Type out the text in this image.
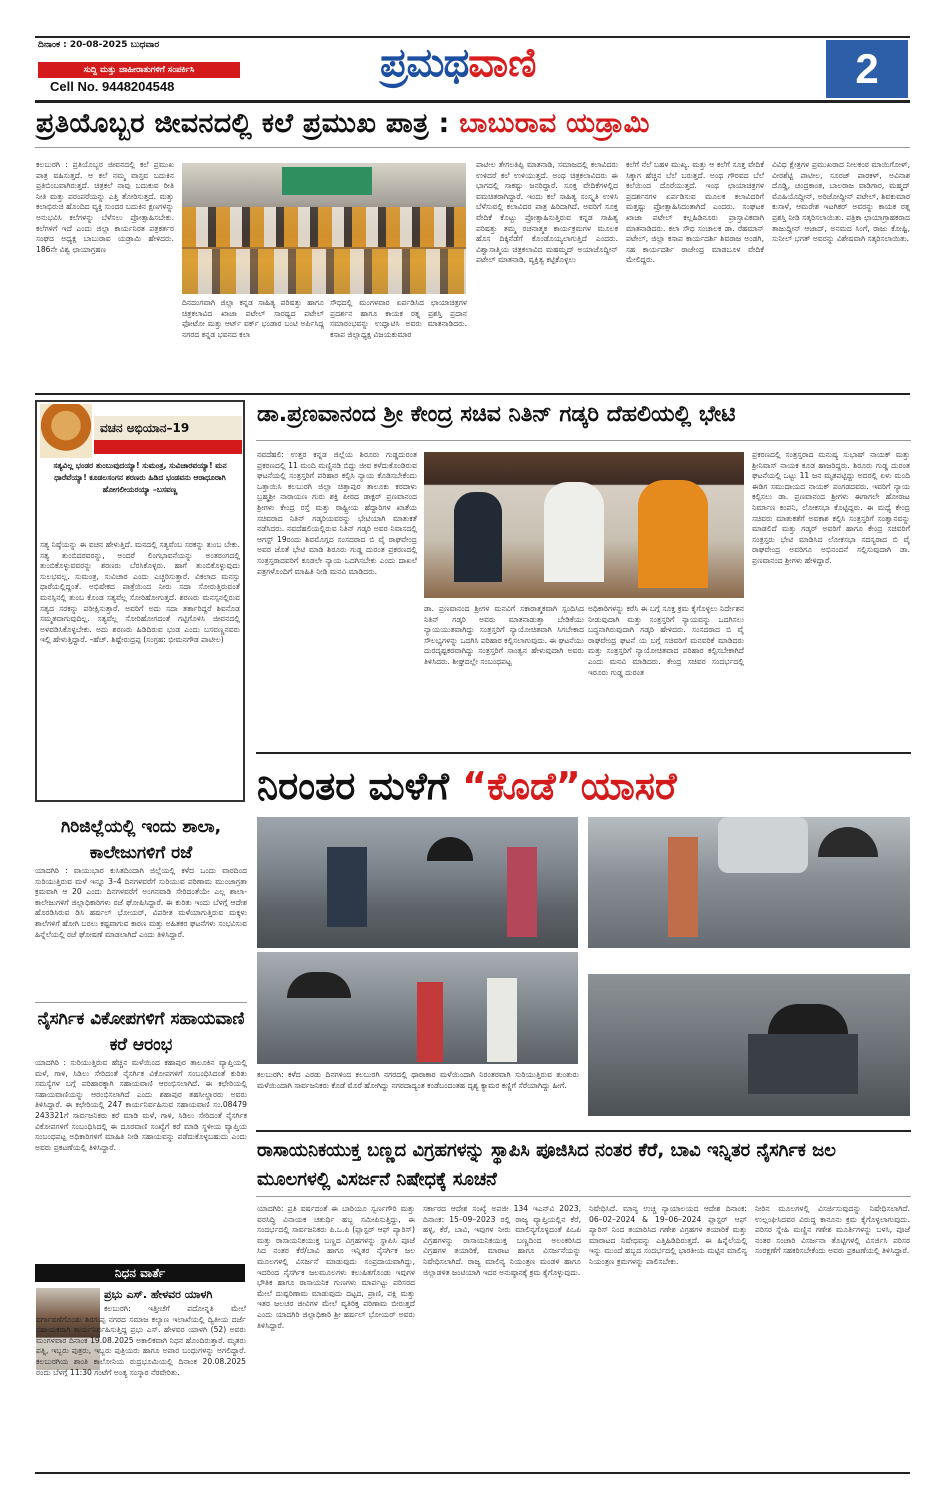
ದಿನಾಂಕ : 20-08-2025 ಬುಧವಾರ
ಸುದ್ದಿ ಮತ್ತು ಜಾಹೀರಾತುಗಳಿಗೆ ಸಂಪರ್ಕಿಸಿ
Cell No. 9448204548
ಪ್ರಮಥವಾಣಿ	2
ಪ್ರತಿಯೊಬ್ಬರ ಜೀವನದಲ್ಲಿ ಕಲೆ ಪ್ರಮುಖ ಪಾತ್ರ : ಬಾಬುರಾವ ಯಡ್ರಾಮಿ
ಕಲಬುರಗಿ : ಪ್ರತಿಯೊಬ್ಬರ ಜೀವನದಲ್ಲಿ ಕಲೆ ಪ್ರಮುಖ ಪಾತ್ರ ವಹಿಸುತ್ತದೆ. ಆ ಕಲೆ ನಮ್ಮ ವಾಸ್ತವ ಬದುಕಿನ ಪ್ರತಿಬಿಂಬವಾಗಿರುತ್ತದೆ. ಚಿತ್ರಕಲೆ ನಾವು ಬದುಕುವ ರೀತಿ ನೀತಿ ಮತ್ತು ಪರಂಪರೆಯನ್ನು ಎತ್ತಿ ತೋರಿಸುತ್ತದೆ. ಮತ್ತು ಕಲಾಭಿರುಚಿ ಹೊಂದಿದ ವ್ಯಕ್ತಿ ಸುಂದರ ಬದುಕಿನ ಕ್ಷಣಗಳನ್ನು ಅನುಭವಿಸಿ ಕಲೆಗಳನ್ನು ಬೆಳೆಸಲು ಪ್ರೋತ್ಸಾಹಿಸಬೇಕು. ಕಲೆಗಳಿಗೆ ಇದೆ ಎಂದು ಜಿಲ್ಲಾ ಕಾರ್ಯನಿರತ ಪತ್ರಕರ್ತರ ಸಂಘದ ಅಧ್ಯಕ್ಷ ಬಾಬುರಾವ ಯಡ್ರಾಮಿ ಹೇಳಿದರು. 186ನೇ ವಿಶ್ವ ಛಾಯಾಗ್ರಹಣ
ದಿನದಂಗವಾಗಿ ಜಿಲ್ಲಾ ಕನ್ನಡ ಸಾಹಿತ್ಯ ಪರಿಷತ್ತು ಹಾಗೂ ಚಿತ್ರಕಲಾವಿದ ಖಾಜಾ ಪಟೇಲ್ ಸಾರಥ್ಯದ ಪಟೇಲ್ ಫೋಟೋ ಮತ್ತು ಆರ್ಟ್ ವರ್ಕ್ ಭಂಡಾರ ಬಂಟಿ ಅರ್ಪಿಸಿದ್ದ ನಗರದ ಕನ್ನಡ ಭವನದ ಕಲಾ
ಸೌಧದಲ್ಲಿ ಮಂಗಳವಾರ ಏರ್ಪಡಿಸಿದ ಛಾಯಾಚಿತ್ರಗಳ ಪ್ರದರ್ಶನ ಹಾಗೂ ಕಾಯಕ ರತ್ನ ಪ್ರಶಸ್ತಿ ಪ್ರದಾನ ಸಮಾರಂಭವನ್ನು ಉದ್ಘಾಟಿಸಿ ಅವರು ಮಾತನಾಡಿದರು. ಕಸಾಪ ಜಿಲ್ಲಾಧ್ಯಕ್ಷ ವಿಜಯಕುಮಾರ
ಪಾಟೀಲ ತೇಗಲತಿಪ್ಪಿ ಮಾತನಾಡಿ, ಸಮಾಜದಲ್ಲಿ ಕಲಾವಿದರು ಉಳಿದರೆ ಕಲೆ ಉಳಿಯುತ್ತದೆ. ಅಂಥ ಚಿತ್ರಕಲಾವಿದರು ಈ ಭಾಗದಲ್ಲಿ ಸಾಕಷ್ಟು ಜನರಿದ್ದಾರೆ. ಸೂಕ್ತ ವೇದಿಕೆಗಳಲ್ಲಿದ ವಮಚಿತರಾಗಿದ್ದಾರೆ. ಇಂದು ಕಲೆ ಸಾಹಿತ್ಯ ಸಂಸ್ಕೃತಿ ಉಳಿಸಿ ಬೆಳೆಸುವಲ್ಲಿ ಕಲಾವಿದರ ಪಾತ್ರ ಹಿರಿದಾಗಿದೆ. ಅವರಿಗೆ ಸೂಕ್ತ ವೇದಿಕೆ ಕೊಟ್ಟು ಪ್ರೋತ್ಸಾಹಿಸುತ್ತಿರುವ ಕನ್ನಡ ಸಾಹಿತ್ಯ ಪರಿಷತ್ತು ತಮ್ಮ ರಚನಾತ್ಮಕ ಕಾರ್ಯಕ್ರಮಗಳ ಮೂಲಕ ಹೊಸ ದಿಕ್ಕಿನೆಡೆಗೆ ಕೊಂಡೊಯ್ಯಲಾಗುತ್ತಿದೆ ಎಂದರು. ವಿಶ್ವಾಸಾತ್ಮಿಯ ಚಿತ್ರಕಲಾವಿದ ಮಹಮ್ಮದ್ ಅಯಾಜೊದ್ದೀನ್ ಪಟೇಲ್ ಮಾತನಾಡಿ, ವ್ಯಕ್ತಿತ್ವ ಕಟ್ಟಿಕೊಳ್ಳಲು
ಕಲೆಗೆ ನೆಲೆ ಬಹಳ ಮುಖ್ಯ. ಮತ್ತು ಆ ಕಲೆಗೆ ಸೂಕ್ತ ವೇದಿಕೆ ಸಿಕ್ಕಾಗ ಹೆಚ್ಚಿನ ಬೆಲೆ ಬರುತ್ತದೆ. ಅಂಥ ಗೌರವದ ಬೆಲೆ ಕಲೆಯಿಂದ ದೊರೆಯುತ್ತದೆ. ಇಂಥ ಛಾಯಾಚಿತ್ರಗಳ ಪ್ರದರ್ಶನಗಳ ಏರ್ಪಡಿಸುವ ಮೂಲಕ ಕಲಾವಿದರಿಗೆ ಮತ್ತಷ್ಟು ಪ್ರೋತ್ಸಾಹಿಸಿದಂತಾಗಿದೆ ಎಂದರು. ಸಂಘಟಕ ಖಾಜಾ ಪಟೇಲ್ ಕಲ್ಲಹಿಡಿನೂರು ಪ್ರಾಸ್ತಾವಿಕವಾಗಿ ಮಾತನಾಡಿದರು. ಕಲಾ ಸೌಧ ಸಂಚಾಲಕ ಡಾ. ರೆಹಮಾನ್ ಪಟೇಲ್, ಜಿಲ್ಲಾ ಕಸಾಪ ಕಾರ್ಯದರ್ಶಿ ಶಿವರಾಜ ಅಂಡಗಿ, ಸಹ ಕಾರ್ಯದರ್ಶಿ ರಾಜೇಂದ್ರ ಮಾಡಬೂಳ ವೇದಿಕೆ ಮೇಲಿದ್ದರು.
ವಿವಿಧ ಕ್ಷೇತ್ರಗಳ ಪ್ರಮುಖರಾದ ನೀಲಕಂಠ ಮಾಯಿಗೋಳ್, ವೀರಶೆಟ್ಟಿ ಪಾಟೀಲ, ಸೂರಜ್ ಪಾರಕಳ್, ಅವಿನಾಶ ದೊಡ್ಡಿ, ಚಂದ್ರಕಾಂತ, ಬಾಲರಾಜ ವಾಡಿಗಾರ, ಮಹ್ಮದ್ ಮೊಹಿಯೊದ್ದೀನ್, ಅರಿಜೋದ್ದೀನ್ ಪಟೇಲ್, ಶಿವಕುಮಾರ ಕುಸಾಳೆ, ಆಮರೇಶ ಇಟಗಿಕರ್ ಅವರನ್ನು ಕಾಯಕ ರತ್ನ ಪ್ರಶಸ್ತಿ ನೀಡಿ ಸತ್ಕರಿಸಲಾಯಿತು. ಪತ್ರಿಕಾ ಛಾಯಾಗ್ರಾಹಕರಾದ ತಾಜುದ್ದೀನ್ ಆಜಾದ್, ಅನಮದ ಸಿಂಗೆ, ರಾಜು ಕೋಷ್ಟಿ, ಸುನೀಲ್ ಭಗತ್ ಅವರನ್ನು ವಿಶೇಷವಾಗಿ ಸತ್ಕರಿಸಲಾಯಿತು.
ವಚನ ಅಭಿಯಾನ–19
ಸತ್ಯವಿಲ್ಲ ಭಂಡರ ತುಂಬುವುದಯ್ಯಾ! ಸುಮಂತ್ರ, ಸುವಿಚಾರವಯ್ಯಾ! ಮನ ಧಾರೆವೆಯ್ಯಾ! ಕೂಡಲಸಂಗನ ಶರಣರು ಹಿಡಿದ ಭಂಡವನು ಆರಾಧೂರಾಗಿ ಹೋಗಲೀಯರಯ್ಯಾ –ಬಸವಣ್ಣ
ಸತ್ಯ ನಿಷ್ಠೆಯನ್ನು ಈ ವಚನ ಹೇಳುತ್ತಿದೆ. ಮನದಲ್ಲಿ ಸತ್ಯವೆಂಬ ಸರಕನ್ನು ತುಂಬ ಬೇಕು. ಸತ್ಯ ತುಂಬಿದರವರನ್ನು, ಅಂದರೆ ಲಿಂಗಭಾವನೆಯನ್ನು ಅಂತರಂಗದಲ್ಲಿ ತುಂಬಿಕೊಳ್ಳುವವರನ್ನು ಶರಣರು ಬೆರಸಿಕೊಳ್ಳರು. ಹಾಗೆ ತುಂಬಿಕೊಳ್ಳುವುದು ಸುಲಭವಲ್ಲ. ಸುಮಂತ್ರ, ಸುವಿಚಾರ ಎಂದು ಎಚ್ಚರಿಸುತ್ತಾರೆ. ವಿಕಲಾದ ಮನಸ್ಸು ಧಾರೆಯಲ್ಲಿದ್ದಂತೆ. ಅಭಿಷೇಕದ ಪಾತ್ರೆಯಿಂದ ನೀರು ಸದಾ ಸೋರುತ್ತಿರುವಂತೆ ಮನಸ್ಸಿನಲ್ಲಿ ತುಂಬ ಕೊಂಡ ಸತ್ಯವೆಲ್ಲ ಸೋರಿಹೋಗುತ್ತದೆ. ಶರಣರು ಮನಸ್ಸನಲ್ಲಿರುವ ಸತ್ಯದ ಸರಕನ್ನು ಪರೀಕ್ಷಿಸುತ್ತಾರೆ. ಅವರಿಗೆ ಅದು ಸದಾ ತರ್ತಾರಿದ್ದರೆ ಶಿವನೊಡ ಸಮ್ಮತವಾಗುವುದಿಲ್ಲ. ಸತ್ಯವೆಲ್ಲ ಸೋರಿಹೋಗದಂತೆ ಗಟ್ಟಿಗೊಳಿಸಿ ಜೀವನದಲ್ಲಿ ಅಳವಡಿಸಿಕೊಳ್ಳಬೇಕು. ಅದು ಶರಣರು ಹಿಡಿದಿರುವ ಭಂಡ ಎಂದು ಬಸವಣ್ಣನವರು ಇಲ್ಲಿ ಹೇಳುತ್ತಿದ್ದಾರೆ. –ಹೆಚ್. ಶಿಷ್ಟೇರುದ್ರಪ್ಪ (ಸಂಗ್ರಹ: ಭೀಮನಗೌಡ ಪಾಟೀಲ)
ಗಿರಿಜಿಲ್ಲೆಯಲ್ಲಿ ಇಂದು ಶಾಲಾ, ಕಾಲೇಜುಗಳಿಗೆ ರಜೆ
ಯಾದಗಿರಿ : ವಾಯುಭಾರ ಕುಸಿತದಿಂದಾಗಿ ಜಿಲ್ಲೆಯಲ್ಲಿ ಕಳೆದ ಒಂದು ವಾರದಿಂದ ಸುರಿಯುತ್ತಿರುವ ಮಳೆ ಇನ್ನೂ 3–4 ದಿನಗಳವರೆಗೆ ಸುರಿಯುವ ಪರಿಣಾಮ ಮುಂಜಾಗ್ರತಾ ಕ್ರಮವಾಗಿ ಆ 20 ಎಂದು ದಿನಗಳವರೆಗೆ ಅಂಗನವಾಡಿ ಸೇರಿದಂತೆಯೇ ಎಲ್ಲ ಶಾಲಾ-ಕಾಲೇಜುಗಳಿಗೆ ಜಿಲ್ಲಾಧಿಕಾರಿಗಳು ರಜೆ ಘೋಷಿಸಿದ್ದಾರೆ. ಈ ಕುರಿತು ಇಂದು ಬೆಳಗ್ಗೆ ಆದೇಶ ಹೊರಡಿಸಿರುವ ಡಿಸಿ ಹರ್ಷಲ್ ಭೋಯರ್, ವಿಪರೀತ ಮಳೆಯಾಗುತ್ತಿರುವ ಮಕ್ಕಳು ಶಾಲೆಗಳಿಗೆ ಹೋಗಿ ಬರಲು ಕಷ್ಟವಾಗುವ ಕಾರಣ ಮತ್ತು ಅಹಿತಕರ ಘಟನೆಗಳು ಸಂಭವಿಸುವ ಹಿನ್ನೆಲೆಯಲ್ಲಿ ರಜೆ ಘೋಷಣೆ ಮಾಡಲಾಗಿದೆ ಎಂದು ತಿಳಿಸಿದ್ದಾರೆ.
ನೈಸರ್ಗಿಕ ವಿಕೋಪಗಳಿಗೆ ಸಹಾಯವಾಣಿ ಕರೆ ಆರಂಭ
ಯಾದಗಿರಿ : ಸುರಿಯುತ್ತಿರುವ ಹೆಚ್ಚಿನ ಮಳೆಯಿಂದ ಕಹಾಪುರ ತಾಲೂಕಿನ ವ್ಯಾಪ್ತಿಯಲ್ಲಿ ಮಳೆ, ಗಾಳಿ, ಸಿಡಿಲು ಸೇರಿದಂತೆ ನೈಸರ್ಗಿಕ ವಿಕೋಪಗಳಿಗೆ ಸಂಬಂಧಿಸಿದಂತೆ ಕುರಿತು ಸಮಸ್ಯೆಗಳ ಬಗ್ಗೆ ಪರಿಹಾರಕ್ಕಾಗಿ ಸಹಾಯವಾಣಿ ಆರಂಭಿಸಲಾಗಿದೆ. ಈ ಕಛೇರಿಯಲ್ಲಿ ಸಹಾಯವಾಣಿಯನ್ನು ಆರಂಭಿಸಲಾಗಿದೆ ಎಂದು ಶಹಾಪುರ ತಹಸೀಲ್ದಾರರು ಅವರು ತಿಳಿಸಿದ್ದಾರೆ. ಈ ಕಛೇರಿಯಲ್ಲಿ 247 ಕಾರ್ಯನಿರ್ವಹಿಸುವ ಸಹಾಯವಾಣಿ ಸಂ.08479 243321ಗೆ ಸಾರ್ವಜನಿಕರು ಕರೆ ಮಾಡಿ ಮಳೆ, ಗಾಳಿ, ಸಿಡಿಲು ಸೇರಿದಂತೆ ನೈಸರ್ಗಿಕ ವಿಕೋಪಗಳಿಗೆ ಸಂಬಂಧಿಸಿದಲ್ಲಿ ಈ ದೂರವಾಣಿ ಸಂಖ್ಯೆಗೆ ಕರೆ ಮಾಡಿ ಸ್ಥಳೀಯ ವ್ಯಾಪ್ತಿಯ ಸಂಬಂಧಪಟ್ಟ ಅಧಿಕಾರಿಗಳಿಗೆ ಮಾಹಿತಿ ನೀಡಿ ಸಹಾಯವನ್ನು ಪಡೆದುಕೊಳ್ಳಬಹುದು ಎಂದು ಅವರು ಪ್ರಕಟಣೆಯಲ್ಲಿ ತಿಳಿಸಿದ್ದಾರೆ.
ನಿಧನ ವಾರ್ತೆ
ಪ್ರಭು ಎಸ್. ಹೇಳವರ ಯಾಳಗಿ
ಕಲಬುರಗಿ: ಇತ್ತೀಚೆಗೆ ಪದೋನ್ನತಿ ಮೇಲೆ ವರ್ಗಾವಣೆಗೊಂಡು ಶಿರಗುಪ್ಪ ನಗರದ ಸಮಾಜ ಕಲ್ಯಾಣ ಇಲಾಖೆಯಲ್ಲಿ ದ್ವಿತೀಯ ದರ್ಜೆ ಸಹಾಯಕರಾಗಿ ಕಾರ್ಯನಿರ್ವಹಿಸುತ್ತಿದ್ದ ಪ್ರಭು ಎಸ್. ಹೇಳವರ ಯಾಳಗಿ (52) ಅವರು ಮಂಗಳವಾರ ದಿನಾಂಕ 19.08.2025 ಅಕಾಲಿಕವಾಗಿ ನಿಧನ ಹೊಂದಿರುತ್ತಾರೆ. ಮೃತರು ಪತ್ನಿ, ಇಬ್ಬರು ಪುತ್ರರು, ಇಬ್ಬರು ಪುತ್ರಿಯರು ಹಾಗೂ ಅಪಾರ ಬಂಧುಗಳನ್ನು ಅಗಲಿದ್ದಾರೆ. ಕಲಬುರಗಿಯ ಶಾಂತಿ ಕಾಲೋನಿಯ ರುದ್ರಭೂಮಿಯಲ್ಲಿ ದಿನಾಂಕ 20.08.2025 ರಂದು ಬೆಳಗ್ಗೆ 11:30 ಗಂಟೆಗೆ ಅಂತ್ಯ ಸಂಸ್ಕಾರ ನೆರವೇರಿತು.
ಡಾ.ಪ್ರಣವಾನಂದ ಶ್ರೀ ಕೇಂದ್ರ ಸಚಿವ ನಿತಿನ್ ಗಡ್ಕರಿ ದೆಹಲಿಯಲ್ಲಿ ಭೇಟಿ
ನವದೆಹಲಿ: ಉತ್ತರ ಕನ್ನಡ ಜಿಲ್ಲೆಯ ಶಿರೂರು ಗುಡ್ಡದುರಂತ ಪ್ರಕರಣದಲ್ಲಿ 11 ಮಂದಿ ಮಣ್ಣಿನಡಿ ಬಿದ್ದು ಜೀವ ಕಳೆದುಕೊಂಡಿರುವ ಘಟನೆಯಲ್ಲಿ ಸಂತ್ರಸ್ತರಿಗೆ ಪರಿಹಾರ ಕಲ್ಪಿಸಿ ನ್ಯಾಯ ಕೊಡಿಸಬೇಕೆಂದು ಒತ್ತಾಯಿಸಿ ಕಲಬುರಗಿ ಜಿಲ್ಲಾ ಚಿತ್ತಾಪುರ ತಾಲೂಕು ಕರದಾಳು ಬ್ರಹ್ಮಶ್ರೀ ನಾರಾಯಣ ಗುರು ಶಕ್ತಿ ಪೀಠದ ಡಾಕ್ಟರ್ ಪ್ರಣವಾನಂದ ಶ್ರೀಗಳು ಕೇಂದ್ರ ರಸ್ತೆ ಮತ್ತು ರಾಷ್ಟ್ರೀಯ ಹೆದ್ದಾರಿಗಳ ಖಾತೆಯ ಸಚಿವರಾದ ನಿತಿನ್ ಗಡ್ಕರಿಯವರನ್ನು ಭೇಟಿಯಾಗಿ ಮಾತುಕತೆ ನಡೆಸಿದರು. ನವದೆಹಲಿಯಲ್ಲಿರುವ ನಿತಿನ್ ಗಡ್ಕರಿ ಅವರ ನಿವಾಸದಲ್ಲಿ ಆಗಸ್ಟ್ 19ರಂದು ಶಿವಮೊಗ್ಗದ ಸಂಸದರಾದ ಬಿ ವೈ ರಾಘವೇಂದ್ರ ಅವರ ಜೊತೆ ಭೇಟಿ ಮಾಡಿ ಶಿರೂರು ಗುಡ್ಡ ದುರಂತ ಪ್ರಕರಣದಲ್ಲಿ ಸಂತ್ರಸ್ತರಾದವರಿಗೆ ಕೂಡಲೇ ನ್ಯಾಯ ಒದಗಿಸಬೇಕು ಎಂದು ದಾಖಲೆ ಪತ್ರಗಳೊಂದಿಗೆ ಮಾಹಿತಿ ನೀಡಿ ಮನವಿ ಮಾಡಿದರು.
ಡಾ. ಪ್ರಣವಾನಂದ ಶ್ರೀಗಳ ಮನವಿಗೆ ಸಕಾರಾತ್ಮಕವಾಗಿ ಸ್ಪಂದಿಸಿದ ನಿತಿನ್ ಗಡ್ಕರಿ ಅವರು ಮಾತನಾಡುತ್ತಾ ಬೇಡಿಕೆಯು ನ್ಯಾಯಯುತವಾಗಿದ್ದು ಸಂತ್ರಸ್ತರಿಗೆ ನ್ಯಾಯೋಚಿತವಾಗಿ ಸಿಗಬೇಕಾದ ಸೌಲಭ್ಯಗಳನ್ನು ಒದಗಿಸಿ ಪರಿಹಾರ ಕಲ್ಪಿಸಲಾಗುವುದು. ಈ ಘಟನೆಯು ದುರದೃಷ್ಟಕರವಾಗಿದ್ದು ಸಂತ್ರಸ್ತರಿಗೆ ಸಾಂತ್ವನ ಹೇಳುವುದಾಗಿ ಅವರು ತಿಳಿಸಿದರು. ಶೀಘ್ರದಲ್ಲೇ ಸಂಬಂಧಪಟ್ಟ
ಅಧಿಕಾರಿಗಳನ್ನು ಕರೆಸಿ ಈ ಬಗ್ಗೆ ಸೂಕ್ತ ಕ್ರಮ ಕೈಗೊಳ್ಳಲು ನಿರ್ದೇಶನ ನೀಡುವುದಾಗಿ ಮತ್ತು ಸಂತ್ರಸ್ತರಿಗೆ ನ್ಯಾಯವನ್ನು ಒದಗಿಸಲು ಬದ್ಧನಾಗಿರುವುದಾಗಿ ಗಡ್ಕರಿ ಹೇಳಿದರು. ಸಂಸದರಾದ ಬಿ ವೈ ರಾಘವೇಂದ್ರ ಘಟನೆ ಯ ಬಗ್ಗೆ ಸಚಿವರಿಗೆ ಮನವರಿಕೆ ಮಾಡಿದರು ಮತ್ತು ಸಂತ್ರಸ್ತರಿಗೆ ನ್ಯಾಯೋಚಿತವಾದ ಪರಿಹಾರ ಕಲ್ಪಿಸಬೇಕಾಗಿದೆ ಎಂದು ಮನವಿ ಮಾಡಿದರು. ಕೇಂದ್ರ ಸಚಿವರ ಸಂದರ್ಭದಲ್ಲಿ ಇರೂರು ಗುಡ್ಡ ದುರಂತ
ಪ್ರಕರಣದಲ್ಲಿ ಸಂತ್ರಸ್ತರಾದ ಮನುಷ್ಯ ಸುಭಾಷ್ ನಾಯಕ್ ಮತ್ತು ಶ್ರೀನಿವಾಸ್ ನಾಯಕ ಕೂಡ ಹಾಜರಿದ್ದರು. ಶಿರೂರು ಗುಡ್ಡ ದುರಂತ ಘಟನೆಯಲ್ಲಿ ಒಟ್ಟು 11 ಜನ ಮೃತಪಟ್ಟಿದ್ದು ಅದರಲ್ಲಿ ಏಳು ಮಂದಿ ಈಡಿಗ ಸಮುದಾಯದ ನಾಯಕ್ ಪಂಗಡದವರು. ಇವರಿಗೆ ನ್ಯಾಯ ಕಲ್ಪಿಸಲು ಡಾ. ಪ್ರಣವಾನಂದ ಶ್ರೀಗಳು ಈಗಾಗಲೇ ಹೋರಾಟ ನಿರ್ಮಾಣ ಕಂಪನಿ, ಲೋಕಸಭಾ ಕೊಟ್ಟಿದ್ದರು. ಈ ಮಧ್ಯೆ ಕೇಂದ್ರ ಸಚಿವರು ಮಾತುಕತೆಗೆ ಅವಕಾಶ ಕಲ್ಪಿಸಿ ಸಂತ್ರಸ್ತರಿಗೆ ಸಂತ್ವಾನವನ್ನು ಮಾಡಲಿದೆ ಮತ್ತು ಗಡ್ಕರ್ ಅವರಿಗೆ ಹಾಗೂ ಕೇಂದ್ರ ಸಚಿವರಿಗೆ ಸಂತ್ರಸ್ತರು ಭೇಟಿ ಮಾಡಿಸಿದ ಲೋಕಸಭಾ ಸದಸ್ಯರಾದ ಬಿ ವೈ ರಾಘವೇಂದ್ರ ಅವರಿಗೂ ಅಭಿನಂದನೆ ಸಲ್ಲಿಸುವುದಾಗಿ ಡಾ. ಪ್ರಣವಾನಂದ ಶ್ರೀಗಳು ಹೇಳಿದ್ದಾರೆ.
ನಿರಂತರ ಮಳೆಗೆ “ಕೊಡೆ”ಯಾಸರೆ
ಕಲಬುರಗಿ: ಕಳೆದ ಎರಡು ದಿನಗಳಿಂದ ಕಲಬುರಗಿ ನಗರದಲ್ಲಿ ಧಾರಾಕಾರ ಮಳೆಯಿಂದಾಗಿ ನಿರಂತರವಾಗಿ ಸುರಿಯುತ್ತಿರುವ ತುಂತುರು ಮಳೆಯಿಂದಾಗಿ ಸಾರ್ವಜನಿಕರು ಕೊಡೆ ಮೊರೆ ಹೋಗಿದ್ದು ನಗರದಾದ್ಯಂತ ಕಂಡೆಬಂದಂತಹ ದೃಶ್ಯ ಕ್ಯಾಮರ ಕಣ್ಣಿಗೆ ಸೆರೆಯಾಗಿದ್ದು ಹೀಗೆ.
ರಾಸಾಯನಿಕಯುಕ್ತ ಬಣ್ಣದ ವಿಗ್ರಹಗಳನ್ನು ಸ್ಥಾಪಿಸಿ ಪೂಜಿಸಿದ ನಂತರ ಕೆರೆ, ಬಾವಿ ಇನ್ನಿತರ ನೈಸರ್ಗಿಕ ಜಲ ಮೂಲಗಳಲ್ಲಿ ವಿಸರ್ಜನೆ ನಿಷೇಧಕ್ಕೆ ಸೂಚನೆ
ಯಾದಗಿರಿ: ಪ್ರತಿ ವರ್ಷದಂತೆ ಈ ಬಾರಿಯೂ ಸ್ವರ್ಣಗೌರಿ ಮತ್ತು ವರಸಿದ್ಧಿ ವಿನಾಯಕ ಚತುರ್ಥಿ ಹಬ್ಬ ಸಮೀಪಿಸುತ್ತಿದ್ದು, ಈ ಸಂದರ್ಭದಲ್ಲಿ ಸಾರ್ವಜನಿಕರು ಪಿ.ಒ.ಪಿ (ಪ್ಲಾಸ್ಟರ್ ಆಫ್ ಪ್ಯಾರಿಸ್) ಮತ್ತು ರಾಸಾಯನಿಕಯುಕ್ತ ಬಣ್ಣದ ವಿಗ್ರಹಗಳನ್ನು ಸ್ಥಾಪಿಸಿ ಪೂಜೆ ಸಿದ ನಂತರ ಕೆರೆ/ಬಾವಿ ಹಾಗೂ ಇನ್ನಿತರ ನೈಸರ್ಗಿಕ ಜಲ ಮೂಲಗಳಲ್ಲಿ ವಿಸರ್ಜನೆ ಮಾಡುವುದು ಸಂಪ್ರದಾಯವಾಗಿದ್ದು, ಇದರಿಂದ ನೈಸರ್ಗಿಕ ಜಲಮೂಲಗಳು ಕಲುಷಿತಗೊಂಡು ಇವುಗಳ ಭೌತಿಕ ಹಾಗೂ ರಾಸಾಯನಿಕ ಗುಣಗಳು ಮಾರ್ಪಟ್ಟು ಪರಿಸರದ ಮೇಲೆ ದುಷ್ಪರಿಣಾಮ ಮಾಡುವುದು ದಟ್ಟದ, ಪ್ರಾಣಿ, ಪಕ್ಷಿ ಮತ್ತು ಇತರ ಜಲಚರ ಜೀವಿಗಳ ಮೇಲೆ ವ್ಯತಿರಿಕ್ತ ಪರಿಣಾಮ ಬೀರುತ್ತದೆ ಎಂದು ಯಾದಗಿರಿ ಜಿಲ್ಲಾಧಿಕಾರಿ ಶ್ರೀ ಹರ್ಷಲ್ ಭೋಯರ್ ಅವರು ತಿಳಿಸಿದ್ದಾರೆ.
ಸರ್ಕಾರದ ಆದೇಶ ಸಂಖ್ಯೆ ಅಪಜೀ 134 ಇಎನ್‌ವಿ 2023, ದಿನಾಂಕ: 15–09–2023 ರಲ್ಲಿ ರಾಜ್ಯ ವ್ಯಾಪ್ತಿಯಲ್ಲಿನ ಕೆರೆ, ಹಳ್ಳ, ಕೆರೆ, ಬಾವಿ, ಇವುಗಳ ನೀರು ಮಾಲಿನ್ಯಗೊಳ್ಳದಂತೆ ಪಿಒಪಿ ವಿಗ್ರಹಗಳನ್ನು ರಾಸಾಯನಿಕಯುಕ್ತ ಬಣ್ಣದಿಂದ ಅಲಂಕರಿಸಿದ ವಿಗ್ರಹಗಳ ತಯಾರಿಕೆ, ಮಾರಾಟ ಹಾಗೂ ವಿಸರ್ಜನೆಯನ್ನು ನಿಷೇಧಿಸಲಾಗಿದೆ. ರಾಜ್ಯ ಮಾಲಿನ್ಯ ನಿಯಂತ್ರಣ ಮಂಡಳಿ ಹಾಗೂ ಜಿಲ್ಲಾಡಳಿತ ಜಂಟಿಯಾಗಿ ಇದರ ಅನುಷ್ಠಾನಕ್ಕೆ ಕ್ರಮ ಕೈಗೊಳ್ಳುವುದು.
ನಿಷೇಧಿಸಿದೆ. ಮಾನ್ಯ ಉಚ್ಚ ನ್ಯಾಯಾಲಯದ ಆದೇಶ ದಿನಾಂಕ: 06–02–2024 & 19–06–2024 ಪ್ಲಾಸ್ಟರ್ ಆಫ್ ಪ್ಯಾರಿಸ್ ನಿಂದ ತಯಾರಿಸಿದ ಗಣೇಶ ವಿಗ್ರಹಗಳ ತಯಾರಿಕೆ ಮತ್ತು ಮಾರಾಟದ ನಿಷೇಧವನ್ನು ಎತ್ತಿಹಿಡಿದಿರುತ್ತದೆ. ಈ ಹಿನ್ನೆಲೆಯಲ್ಲಿ ಇನ್ನು ಮುಂದೆ ಹಬ್ಬದ ಸಂದರ್ಭದಲ್ಲಿ ಭಾರತೀಯ ಮಟ್ಟಿನ ಮಾಲಿನ್ಯ ನಿಯಂತ್ರಣ ಕ್ರಮಗಳನ್ನು ಪಾಲಿಸಬೇಕು.
ನೀರಿನ ಮೂಲಗಳಲ್ಲಿ ವಿಸರ್ಜಿಸುವುದನ್ನು ನಿಷೇಧಿಸಲಾಗಿದೆ. ಉಲ್ಲಂಘಿಸಿದವರ ವಿರುದ್ಧ ಕಾನೂನು ಕ್ರಮ ಕೈಗೊಳ್ಳಲಾಗುವುದು. ಪರಿಸರ ಸ್ನೇಹಿ ಮಣ್ಣಿನ ಗಣೇಶ ಮೂರ್ತಿಗಳನ್ನು ಬಳಸಿ, ಪೂಜೆ ನಂತರ ಸಂಚಾರಿ ವಿಸರ್ಜನಾ ತೊಟ್ಟಿಗಳಲ್ಲಿ ವಿಸರ್ಜಿಸಿ ಪರಿಸರ ಸಂರಕ್ಷಣೆಗೆ ಸಹಕರಿಸಬೇಕೆಂದು ಅವರು ಪ್ರಕಟಣೆಯಲ್ಲಿ ತಿಳಿಸಿದ್ದಾರೆ.
